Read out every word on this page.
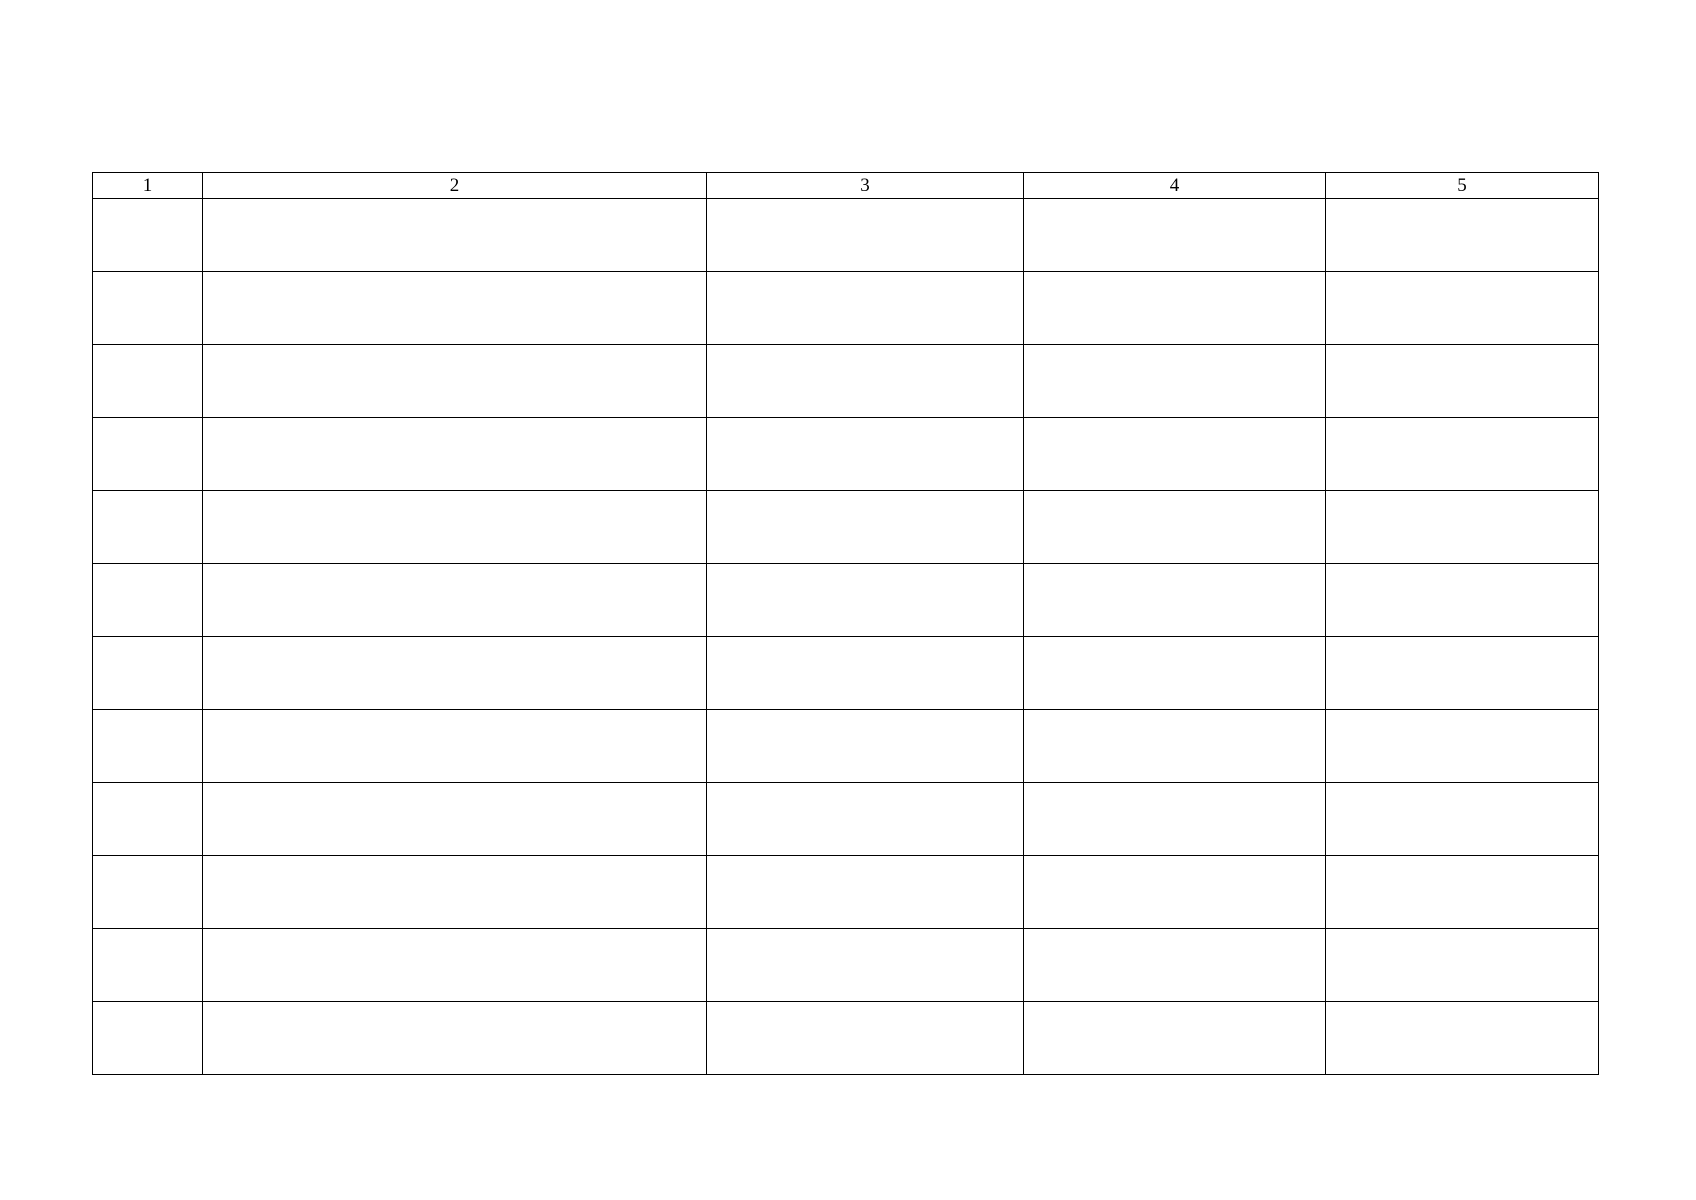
1	2	3	4	5
